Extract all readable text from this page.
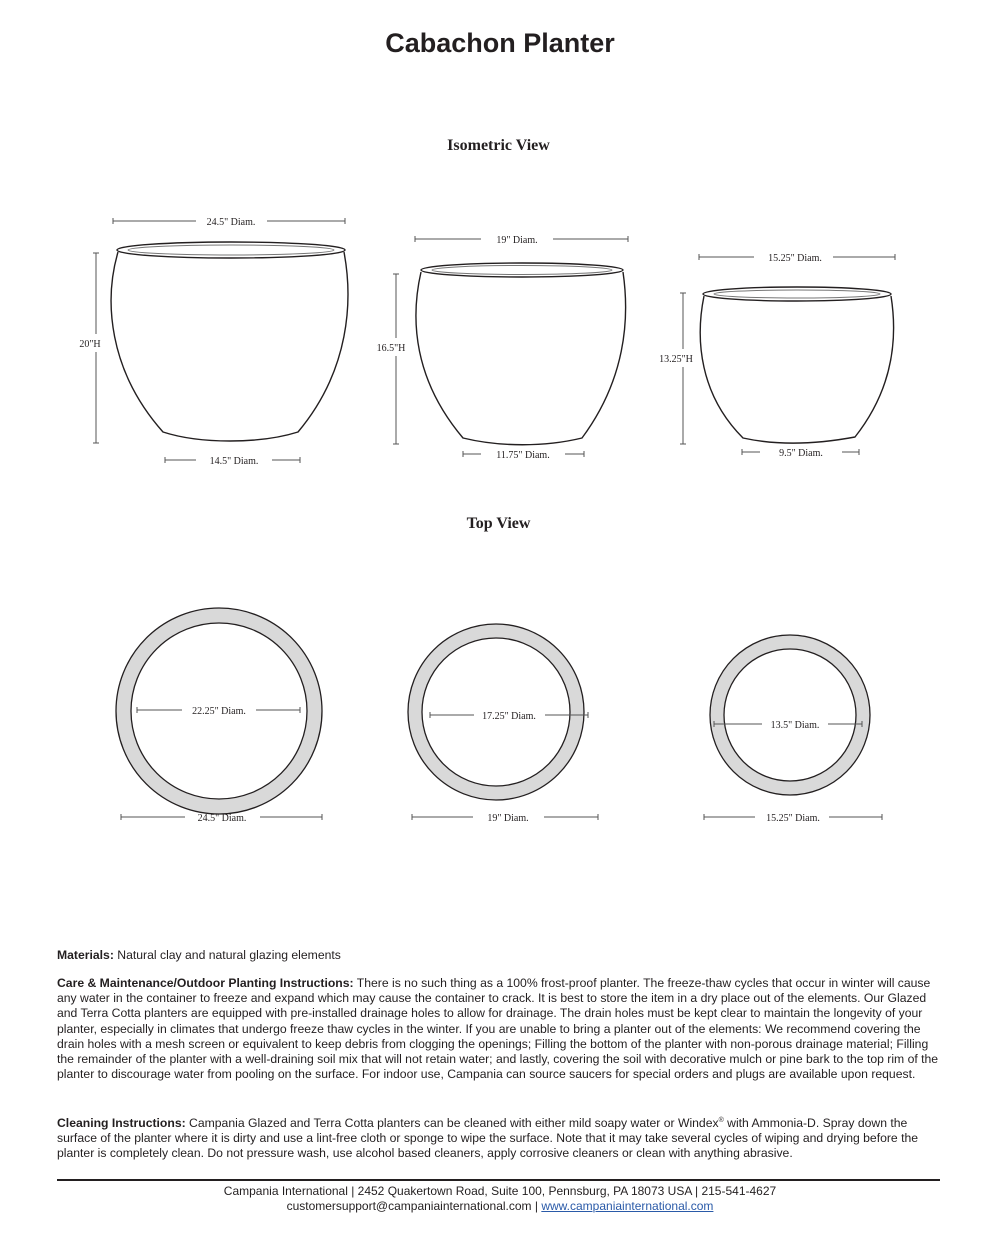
Cabachon Planter
Isometric View
24.5" Diam.
20"H
14.5" Diam.
19" Diam.
16.5"H
11.75" Diam.
15.25" Diam.
13.25"H
9.5" Diam.
Top View
22.25" Diam.
24.5" Diam.
17.25" Diam.
19" Diam.
13.5" Diam.
15.25" Diam.
Materials: Natural clay and natural glazing elements
Care & Maintenance/Outdoor Planting Instructions: There is no such thing as a 100% frost-proof planter. The freeze-thaw cycles that occur in winter will cause any water in the container to freeze and expand which may cause the container to crack. It is best to store the item in a dry place out of the elements. Our Glazed and Terra Cotta planters are equipped with pre-installed drainage holes to allow for drainage. The drain holes must be kept clear to maintain the longevity of your planter, especially in climates that undergo freeze thaw cycles in the winter. If you are unable to bring a planter out of the elements: We recommend covering the drain holes with a mesh screen or equivalent to keep debris from clogging the openings; Filling the bottom of the planter with non-porous drainage material; Filling the remainder of the planter with a well-draining soil mix that will not retain water; and lastly, covering the soil with decorative mulch or pine bark to the top rim of the planter to discourage water from pooling on the surface. For indoor use, Campania can source saucers for special orders and plugs are available upon request.
Cleaning Instructions: Campania Glazed and Terra Cotta planters can be cleaned with either mild soapy water or Windex® with Ammonia-D. Spray down the surface of the planter where it is dirty and use a lint-free cloth or sponge to wipe the surface. Note that it may take several cycles of wiping and drying before the planter is completely clean. Do not pressure wash, use alcohol based cleaners, apply corrosive cleaners or clean with anything abrasive.
Campania International | 2452 Quakertown Road, Suite 100, Pennsburg, PA 18073 USA | 215-541-4627
customersupport@campaniainternational.com | www.campaniainternational.com
